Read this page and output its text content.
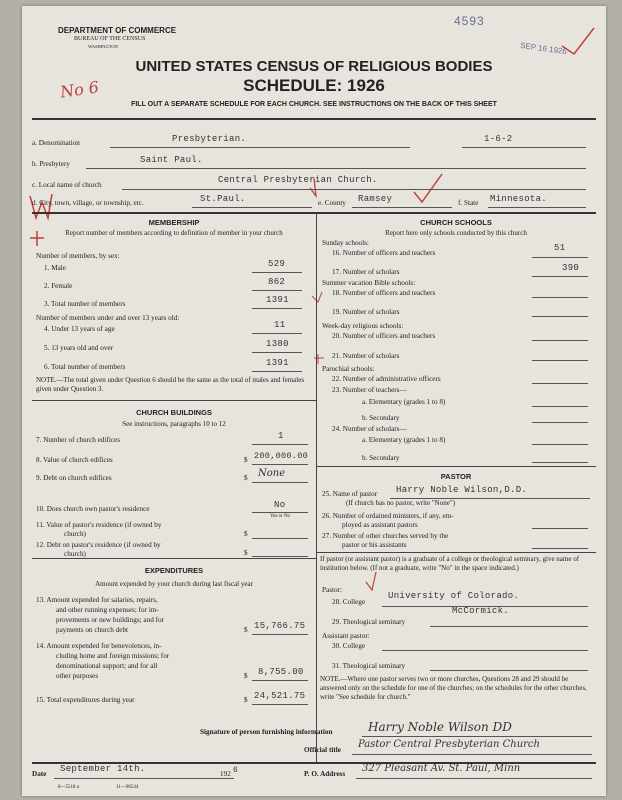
4593
SEP 16 1926
No 6
DEPARTMENT OF COMMERCE
BUREAU OF THE CENSUS
WASHINGTON
UNITED STATES CENSUS OF RELIGIOUS BODIES
SCHEDULE: 1926
FILL OUT A SEPARATE SCHEDULE FOR EACH CHURCH. SEE INSTRUCTIONS ON THE BACK OF THIS SHEET
a. Denomination	Presbyterian.	1-6-2
b. Presbytery	Saint Paul.
c. Local name of church	Central Presbyterian Church.
d. City, town, village, or township, etc.	St.Paul.	e. County Ramsey	f. State Minnesota.
MEMBERSHIP
Report number of members according to definition of member in your church
Number of members, by sex:
1. Male	529
2. Female	862
3. Total number of members	1391
Number of members under and over 13 years old:
4. Under 13 years of age	11
5. 13 years old and over	1380
6. Total number of members	1391
NOTE.—The total given under Question 6 should be the same as the total of males and females given under Question 3.
CHURCH BUILDINGS
See instructions, paragraphs 10 to 12
7. Number of church edifices	1
8. Value of church edifices	$ 200,000.00
9. Debt on church edifices	$ None
10. Does church own pastor's residence	No
Yes or No
11. Value of pastor's residence (if owned by
church)	$
12. Debt on pastor's residence (if owned by
church)	$
EXPENDITURES
Amount expended by your church during last fiscal year
13. Amount expended for salaries, repairs,
and other running expenses; for im-
provements or new buildings; and for
payments on church debt	$ 15,766.75
14. Amount expended for benevolences, in-
cluding home and foreign missions; for
denominational support; and for all
other purposes	$ 8,755.00
15. Total expenditures during year	$ 24,521.75
CHURCH SCHOOLS
Report here only schools conducted by this church
Sunday schools:
16. Number of officers and teachers	51
17. Number of scholars	390
Summer vacation Bible schools:
18. Number of officers and teachers
19. Number of scholars
Week-day religious schools:
20. Number of officers and teachers
21. Number of scholars
Parochial schools:
22. Number of administrative officers
23. Number of teachers—
a. Elementary (grades 1 to 8)
b. Secondary
24. Number of scholars—
a. Elementary (grades 1 to 8)
b. Secondary
PASTOR
25. Name of pastor Harry Noble Wilson,D.D.
(If church has no pastor, write "None")
26. Number of ordained ministers, if any, em-
ployed as assistant pastors
27. Number of other churches served by the
pastor or his assistants
If pastor (or assistant pastor) is a graduate of a college or theological seminary, give name of institution below. (If not a graduate, write "No" in the space indicated.)
Pastor:
28. College
University of Colorado.
29. Theological seminary
McCormick.
Assistant pastor:
30. College
31. Theological seminary
NOTE.—Where one pastor serves two or more churches, Questions 28 and 29 should be answered only on the schedule for one of the churches; on the schedules for the other churches, write "See schedule for church."
Signature of person furnishing information	Harry Noble Wilson DD
Official title Pastor Central Presbyterian Church
Date September 14th.	192 6	P. O. Address 327 Pleasant Av. St. Paul, Minn
8—5518 a	11—90544
